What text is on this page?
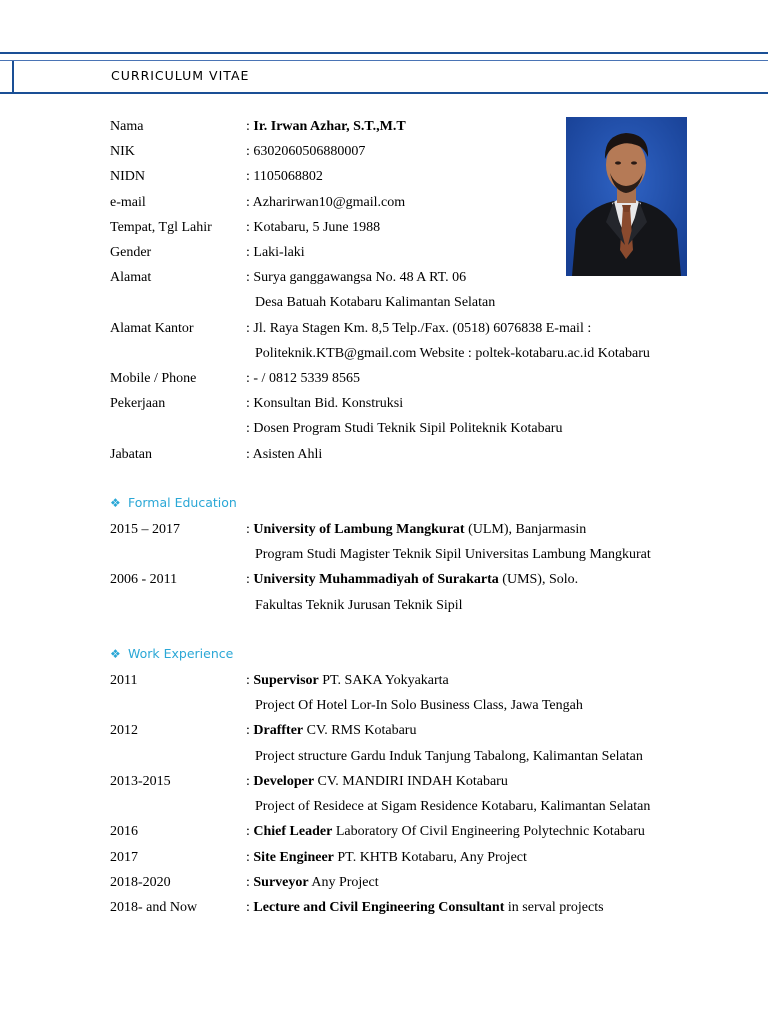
CURRICULUM VITAE
Nama	: Ir. Irwan Azhar, S.T.,M.T
NIK	: 6302060506880007
NIDN	: 1105068802
e-mail	: Azharirwan10@gmail.com
Tempat, Tgl Lahir : Kotabaru, 5 June 1988
Gender	: Laki-laki
Alamat	: Surya ganggawangsa No. 48 A RT. 06
Desa Batuah Kotabaru Kalimantan Selatan
Alamat Kantor	: Jl. Raya Stagen Km. 8,5 Telp./Fax. (0518) 6076838 E-mail :
Politeknik.KTB@gmail.com Website : poltek-kotabaru.ac.id Kotabaru
Mobile / Phone	: - / 0812 5339 8565
Pekerjaan	: Konsultan Bid. Konstruksi
: Dosen Program Studi Teknik Sipil Politeknik Kotabaru
Jabatan	: Asisten Ahli
❖ Formal Education
2015 – 2017	: University of Lambung Mangkurat (ULM), Banjarmasin
Program Studi Magister Teknik Sipil Universitas Lambung Mangkurat
2006 - 2011	: University Muhammadiyah of Surakarta (UMS), Solo.
Fakultas Teknik Jurusan Teknik Sipil
❖ Work Experience
2011	: Supervisor PT. SAKA Yokyakarta
Project Of Hotel Lor-In Solo Business Class, Jawa Tengah
2012	: Draffter CV. RMS Kotabaru
Project structure Gardu Induk Tanjung Tabalong, Kalimantan Selatan
2013-2015	: Developer CV. MANDIRI INDAH Kotabaru
Project of Residece at Sigam Residence Kotabaru, Kalimantan Selatan
2016	: Chief Leader Laboratory Of Civil Engineering Polytechnic Kotabaru
2017	: Site Engineer PT. KHTB Kotabaru, Any Project
2018-2020	: Surveyor Any Project
2018- and Now	: Lecture and Civil Engineering Consultant in serval projects
